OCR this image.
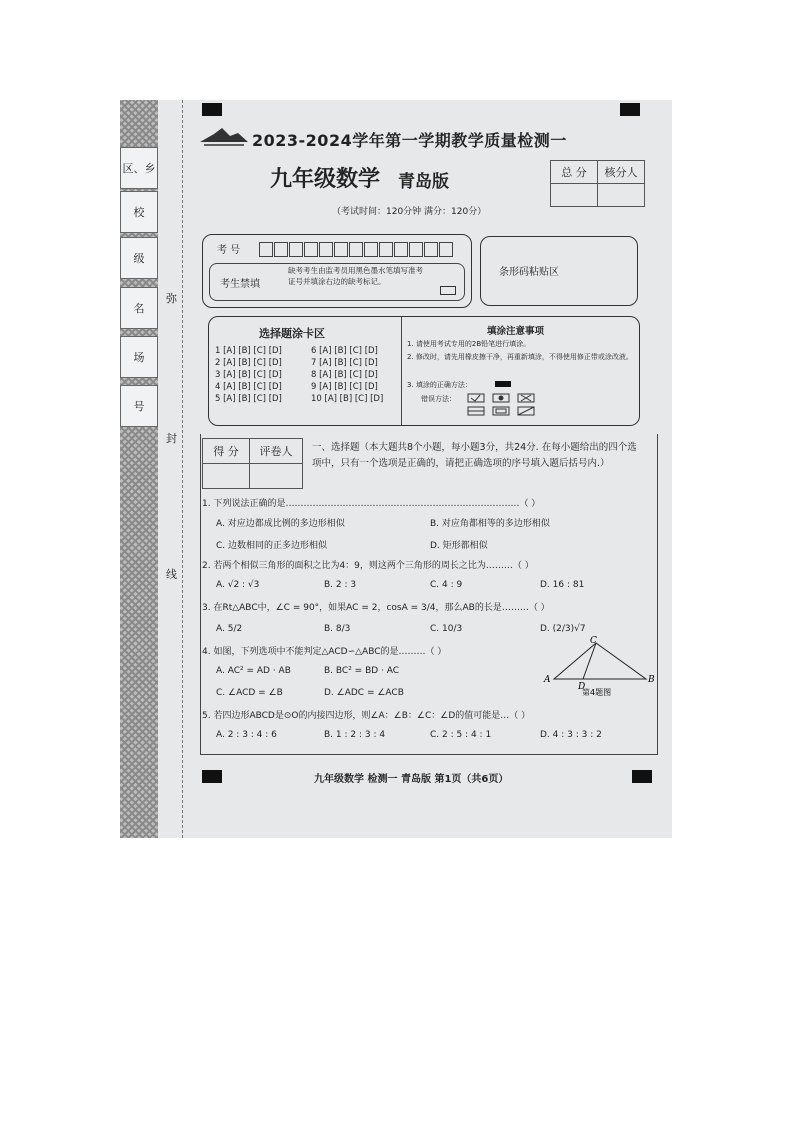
区、乡
校
级
名
场
号
弥
封
线
2023-2024学年第一学期教学质量检测一
九年级数学 青岛版
（考试时间：120分钟 满分：120分）
总 分	核分人

考 号
考生禁填
缺考考生由监考员用黑色墨水笔填写准考证号并填涂右边的缺考标记。
条形码粘贴区
选择题涂卡区
1 [A] [B] [C] [D]
2 [A] [B] [C] [D]
3 [A] [B] [C] [D]
4 [A] [B] [C] [D]
5 [A] [B] [C] [D]
6 [A] [B] [C] [D]
7 [A] [B] [C] [D]
8 [A] [B] [C] [D]
9 [A] [B] [C] [D]
10 [A] [B] [C] [D]
填涂注意事项
1. 请使用考试专用的2B铅笔进行填涂。
2. 修改时，请先用橡皮擦干净，再重新填涂，不得使用修正带或涂改液。
3. 填涂的正确方法：
错误方法：
得 分	评卷人
	一、选择题（本大题共8个小题，每小题3分，共24分. 在每小题给出的四个选项中，只有一个选项是正确的，请把正确选项的序号填入题后括号内.）
1. 下列说法正确的是……………………………………………………………………（ ）
A. 对应边都成比例的多边形相似	B. 对应角都相等的多边形相似
C. 边数相同的正多边形相似	D. 矩形都相似
2. 若两个相似三角形的面积之比为4：9，则这两个三角形的周长之比为………（ ）
A. √2 : √3	B. 2 : 3	C. 4 : 9	D. 16 : 81
3. 在Rt△ABC中，∠C = 90°，如果AC = 2，cosA = 3/4，那么AB的长是………（ ）
A. 5/2	B. 8/3	C. 10/3	D. (2/3)√7
4. 如图，下列选项中不能判定△ACD∽△ABC的是………（ ）
A. AC² = AD · AB	B. BC² = BD · AC
C. ∠ACD = ∠B	D. ∠ADC = ∠ACB
C
A	B
D
第4题图
5. 若四边形ABCD是⊙O的内接四边形，则∠A：∠B：∠C：∠D的值可能是…（ ）
A. 2 : 3 : 4 : 6	B. 1 : 2 : 3 : 4	C. 2 : 5 : 4 : 1	D. 4 : 3 : 3 : 2
九年级数学 检测一 青岛版 第1页（共6页）
